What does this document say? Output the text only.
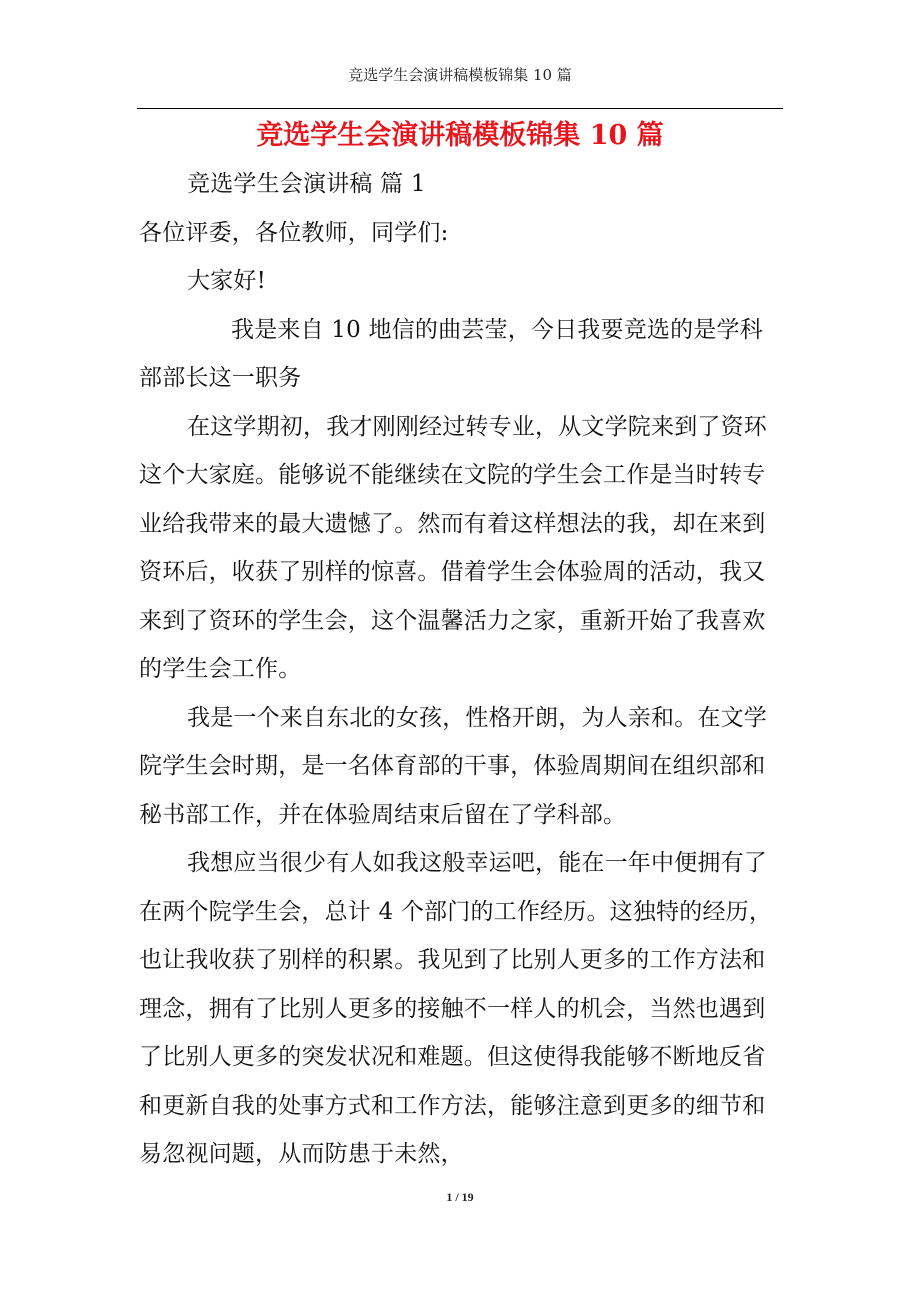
竞选学生会演讲稿模板锦集 10 篇
竞选学生会演讲稿模板锦集 10 篇

竞选学生会演讲稿 篇 1

各位评委，各位教师，同学们:

大家好!

我是来自 10 地信的曲芸莹，今日我要竞选的是学科部部长这一职务

在这学期初，我才刚刚经过转专业，从文学院来到了资环这个大家庭。能够说不能继续在文院的学生会工作是当时转专业给我带来的最大遗憾了。然而有着这样想法的我，却在来到资环后，收获了别样的惊喜。借着学生会体验周的活动，我又来到了资环的学生会，这个温馨活力之家，重新开始了我喜欢的学生会工作。

我是一个来自东北的女孩，性格开朗，为人亲和。在文学院学生会时期，是一名体育部的干事，体验周期间在组织部和秘书部工作，并在体验周结束后留在了学科部。

我想应当很少有人如我这般幸运吧，能在一年中便拥有了在两个院学生会，总计 4 个部门的工作经历。这独特的经历，也让我收获了别样的积累。我见到了比别人更多的工作方法和理念，拥有了比别人更多的接触不一样人的机会，当然也遇到了比别人更多的突发状况和难题。但这使得我能够不断地反省和更新自我的处事方式和工作方法，能够注意到更多的细节和易忽视问题，从而防患于未然，

1 / 19
